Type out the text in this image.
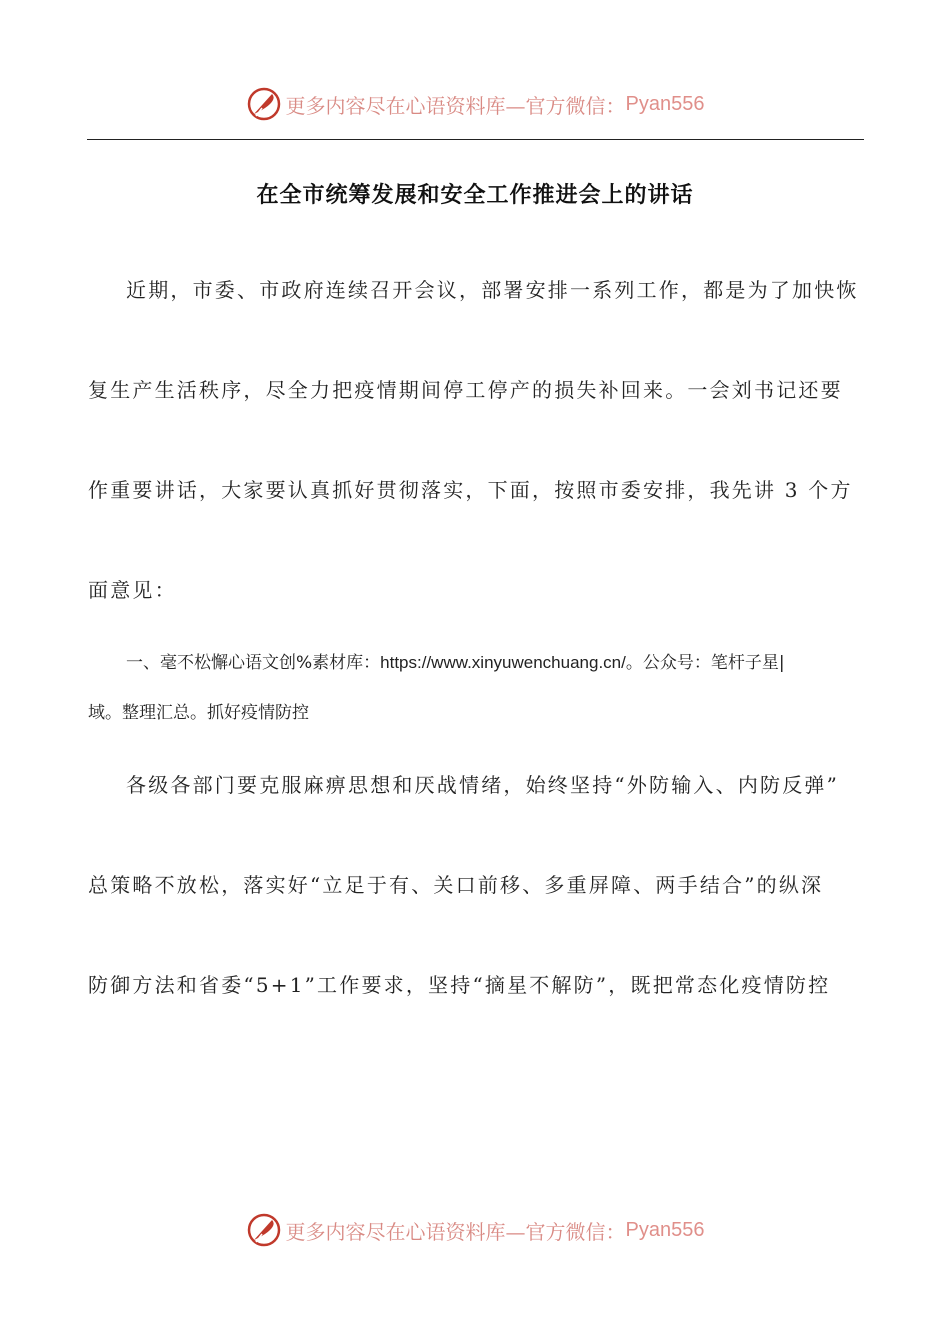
更多内容尽在心语资料库—官方微信： Pyan556
在全市统筹发展和安全工作推进会上的讲话
近期，市委、市政府连续召开会议，部署安排一系列工作，都是为了加快恢
复生产生活秩序，尽全力把疫情期间停工停产的损失补回来。一会刘书记还要
作重要讲话，大家要认真抓好贯彻落实，下面，按照市委安排，我先讲 3 个方
面意见：
一、毫不松懈心语文创%素材库：https://www.xinyuwenchuang.cn/。公众号：笔杆子星|
域。整理汇总。抓好疫情防控
各级各部门要克服麻痹思想和厌战情绪，始终坚持“外防输入、内防反弹”
总策略不放松，落实好“立足于有、关口前移、多重屏障、两手结合”的纵深
防御方法和省委“5+1”工作要求，坚持“摘星不解防”，既把常态化疫情防控
更多内容尽在心语资料库—官方微信： Pyan556
